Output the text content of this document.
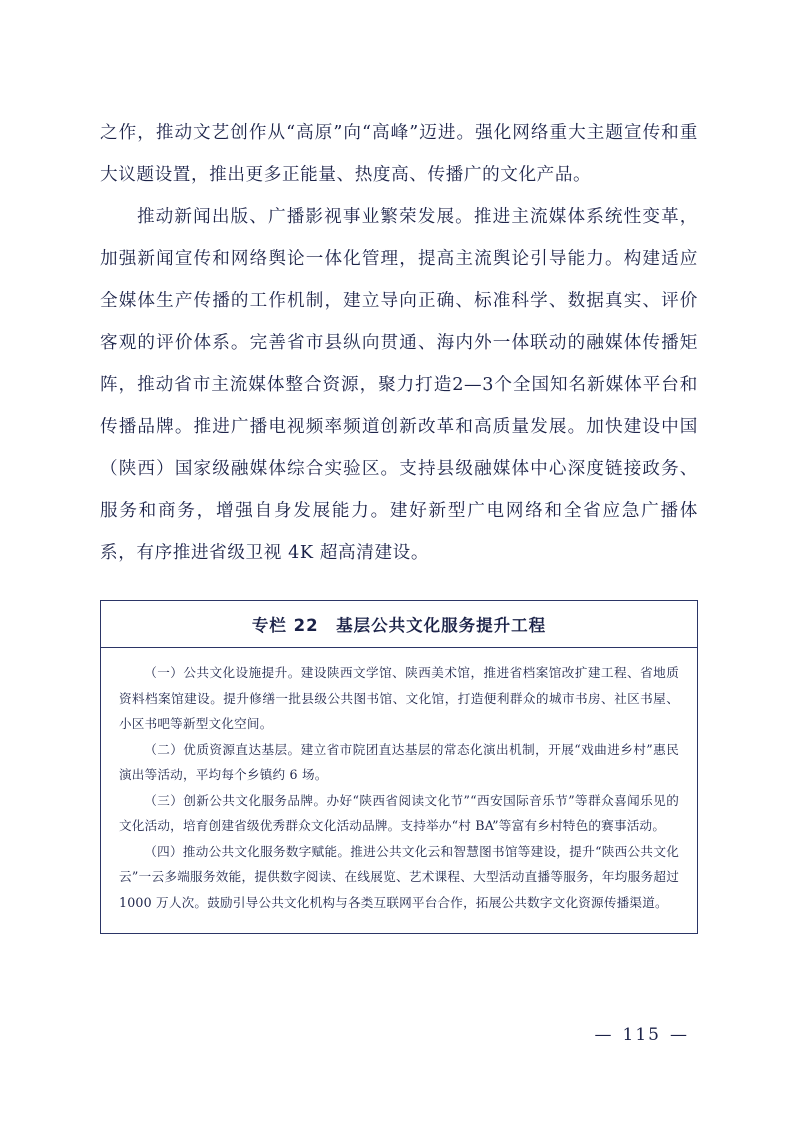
之作，推动文艺创作从“高原”向“高峰”迈进。强化网络重大主题宣传和重大议题设置，推出更多正能量、热度高、传播广的文化产品。

推动新闻出版、广播影视事业繁荣发展。推进主流媒体系统性变革，加强新闻宣传和网络舆论一体化管理，提高主流舆论引导能力。构建适应全媒体生产传播的工作机制，建立导向正确、标准科学、数据真实、评价客观的评价体系。完善省市县纵向贯通、海内外一体联动的融媒体传播矩阵，推动省市主流媒体整合资源，聚力打造2—3个全国知名新媒体平台和传播品牌。推进广播电视频率频道创新改革和高质量发展。加快建设中国（陕西）国家级融媒体综合实验区。支持县级融媒体中心深度链接政务、服务和商务，增强自身发展能力。建好新型广电网络和全省应急广播体系，有序推进省级卫视 4K 超高清建设。

专栏 22　基层公共文化服务提升工程

（一）公共文化设施提升。建设陕西文学馆、陕西美术馆，推进省档案馆改扩建工程、省地质资料档案馆建设。提升修缮一批县级公共图书馆、文化馆，打造便利群众的城市书房、社区书屋、小区书吧等新型文化空间。

（二）优质资源直达基层。建立省市院团直达基层的常态化演出机制，开展“戏曲进乡村”惠民演出等活动，平均每个乡镇约 6 场。

（三）创新公共文化服务品牌。办好“陕西省阅读文化节”“西安国际音乐节”等群众喜闻乐见的文化活动，培育创建省级优秀群众文化活动品牌。支持举办“村 BA”等富有乡村特色的赛事活动。

（四）推动公共文化服务数字赋能。推进公共文化云和智慧图书馆等建设，提升“陕西公共文化云”一云多端服务效能，提供数字阅读、在线展览、艺术课程、大型活动直播等服务，年均服务超过 1000 万人次。鼓励引导公共文化机构与各类互联网平台合作，拓展公共数字文化资源传播渠道。

— 115 —
